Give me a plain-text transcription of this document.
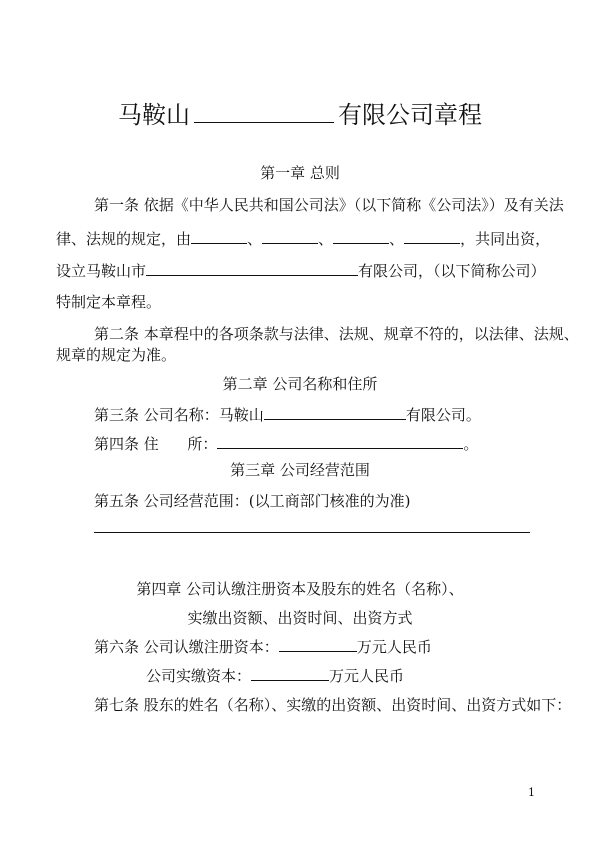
马鞍山	有限公司章程
第一章 总则
第一条 依据《中华人民共和国公司法》（以下简称《公司法》）及有关法
律、法规的规定，由	、	、	、	，共同出资，
设立马鞍山市	有限公司，（以下简称公司）
特制定本章程。
第二条 本章程中的各项条款与法律、法规、规章不符的，以法律、法规、
规章的规定为准。
第二章 公司名称和住所
第三条 公司名称：马鞍山	有限公司。
第四条 住      所：	。
第三章 公司经营范围
第五条 公司经营范围：(以工商部门核准的为准)
第四章 公司认缴注册资本及股东的姓名（名称）、
实缴出资额、出资时间、出资方式
第六条 公司认缴注册资本：	万元人民币
公司实缴资本：	万元人民币
第七条 股东的姓名（名称）、实缴的出资额、出资时间、出资方式如下：
1
